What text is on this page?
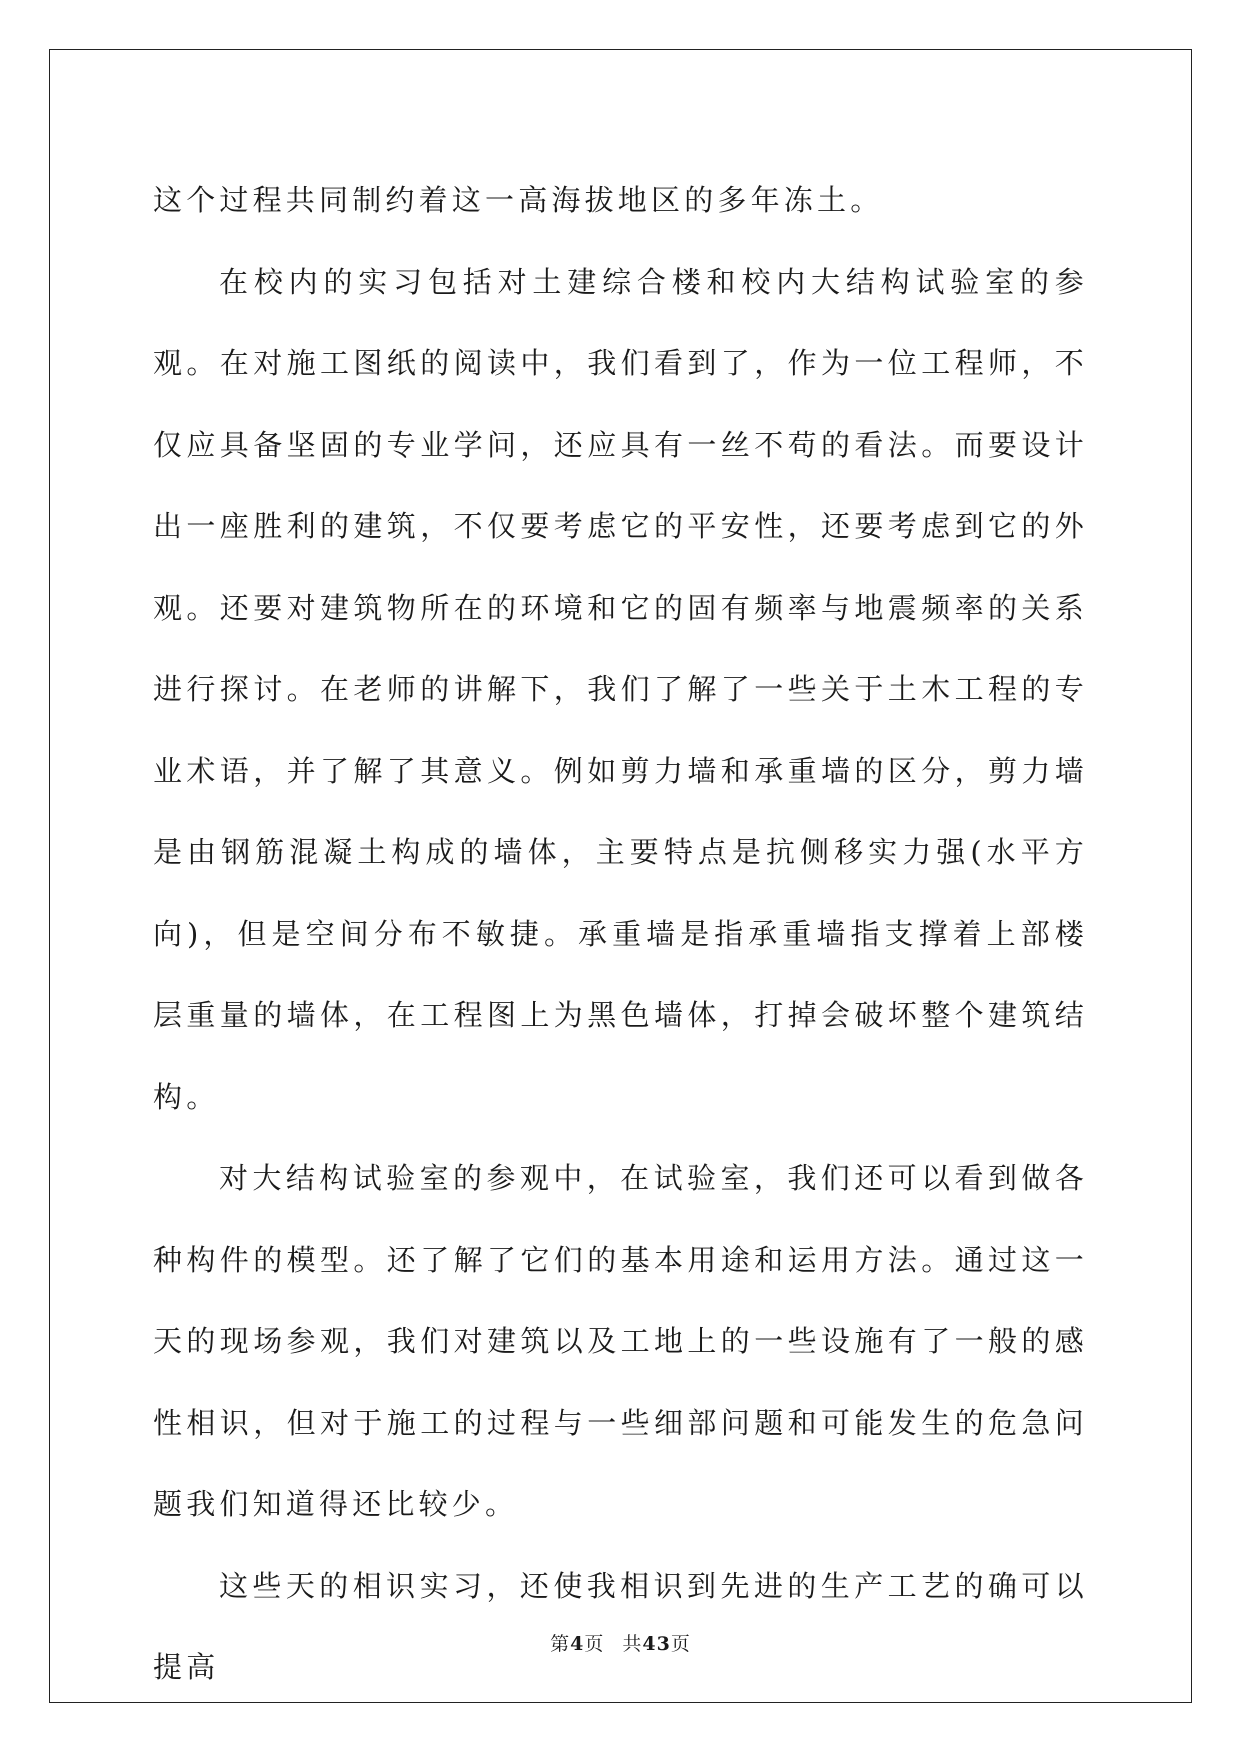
这个过程共同制约着这一高海拔地区的多年冻土。

在校内的实习包括对土建综合楼和校内大结构试验室的参观。在对施工图纸的阅读中，我们看到了，作为一位工程师，不仅应具备坚固的专业学问，还应具有一丝不苟的看法。而要设计出一座胜利的建筑，不仅要考虑它的平安性，还要考虑到它的外观。还要对建筑物所在的环境和它的固有频率与地震频率的关系进行探讨。在老师的讲解下，我们了解了一些关于土木工程的专业术语，并了解了其意义。例如剪力墙和承重墙的区分，剪力墙是由钢筋混凝土构成的墙体，主要特点是抗侧移实力强(水平方向)，但是空间分布不敏捷。承重墙是指承重墙指支撑着上部楼层重量的墙体，在工程图上为黑色墙体，打掉会破坏整个建筑结构。

对大结构试验室的参观中，在试验室，我们还可以看到做各种构件的模型。还了解了它们的基本用途和运用方法。通过这一天的现场参观，我们对建筑以及工地上的一些设施有了一般的感性相识，但对于施工的过程与一些细部问题和可能发生的危急问题我们知道得还比较少。

这些天的相识实习，还使我相识到先进的生产工艺的确可以提高

第4页 共43页
